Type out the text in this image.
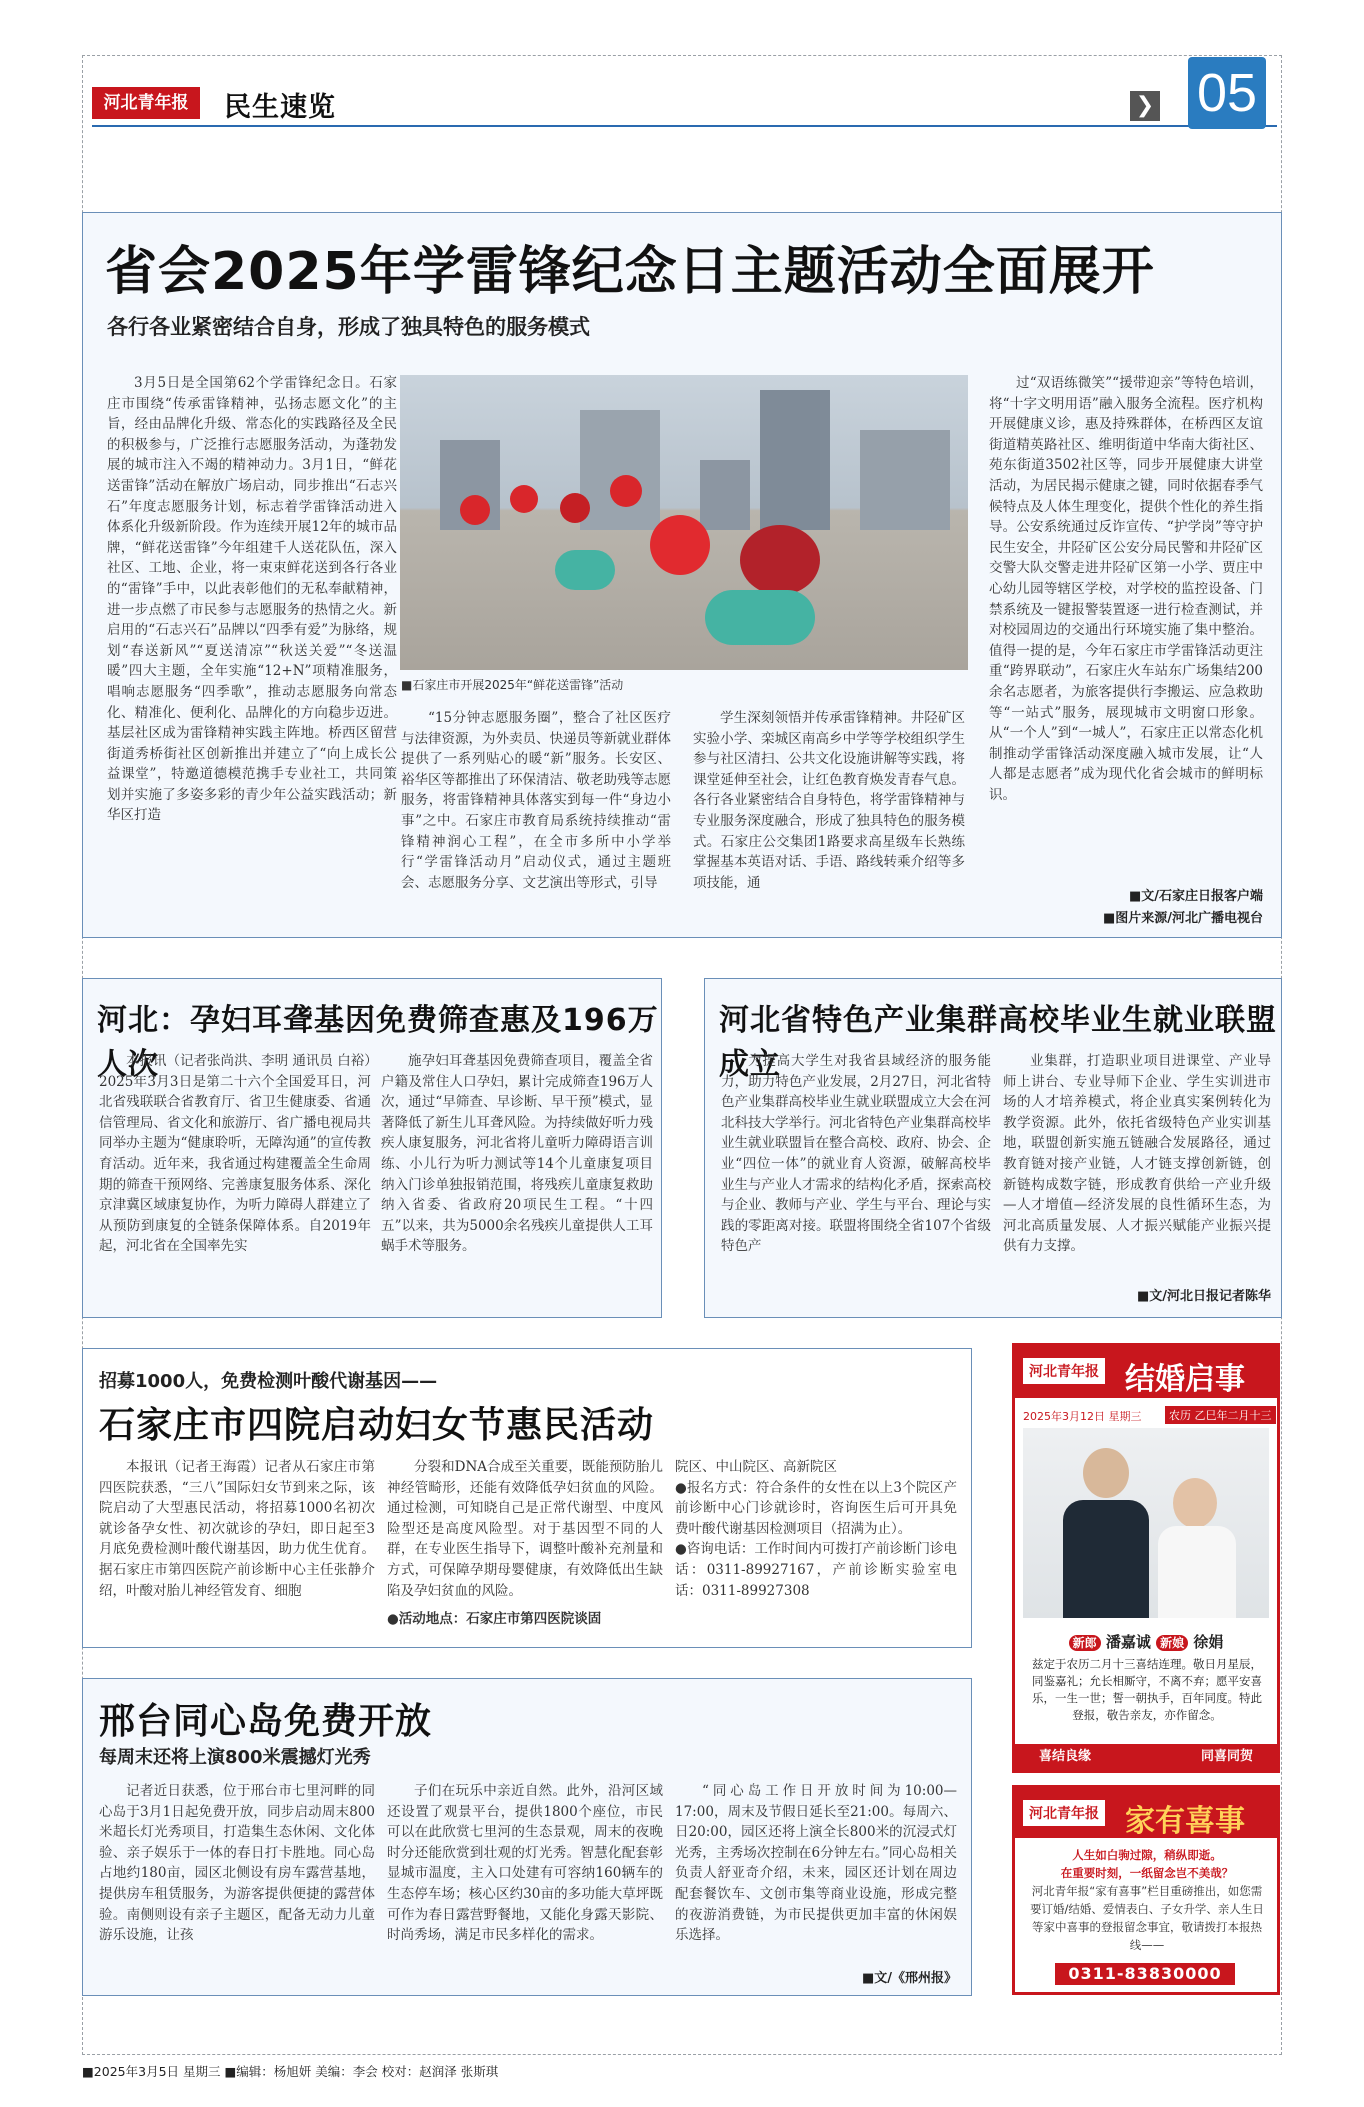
河北青年报	民生速览	❯ 05
省会2025年学雷锋纪念日主题活动全面展开
各行各业紧密结合自身，形成了独具特色的服务模式

3月5日是全国第62个学雷锋纪念日。石家庄市围绕“传承雷锋精神，弘扬志愿文化”的主旨，经由品牌化升级、常态化的实践路径及全民的积极参与，广泛推行志愿服务活动，为蓬勃发展的城市注入不竭的精神动力。3月1日，“鲜花送雷锋”活动在解放广场启动，同步推出“石志兴石”年度志愿服务计划，标志着学雷锋活动进入体系化升级新阶段。作为连续开展12年的城市品牌，“鲜花送雷锋”今年组建千人送花队伍，深入社区、工地、企业，将一束束鲜花送到各行各业的“雷锋”手中，以此表彰他们的无私奉献精神，进一步点燃了市民参与志愿服务的热情之火。新启用的“石志兴石”品牌以“四季有爱”为脉络，规划“春送新风”“夏送清凉”“秋送关爱”“冬送温暖”四大主题，全年实施“12+N”项精准服务，唱响志愿服务“四季歌”，推动志愿服务向常态化、精准化、便利化、品牌化的方向稳步迈进。基层社区成为雷锋精神实践主阵地。桥西区留营街道秀桥街社区创新推出并建立了“向上成长公益课堂”，特邀道德模范携手专业社工，共同策划并实施了多姿多彩的青少年公益实践活动；新华区打造

“15分钟志愿服务圈”，整合了社区医疗与法律资源，为外卖员、快递员等新就业群体提供了一系列贴心的暖“新”服务。长安区、裕华区等都推出了环保清洁、敬老助残等志愿服务，将雷锋精神具体落实到每一件“身边小事”之中。石家庄市教育局系统持续推动“雷锋精神润心工程”，在全市多所中小学举行“学雷锋活动月”启动仪式，通过主题班会、志愿服务分享、文艺演出等形式，引导

学生深刻领悟并传承雷锋精神。井陉矿区实验小学、栾城区南高乡中学等学校组织学生参与社区清扫、公共文化设施讲解等实践，将课堂延伸至社会，让红色教育焕发青春气息。各行各业紧密结合自身特色，将学雷锋精神与专业服务深度融合，形成了独具特色的服务模式。石家庄公交集团1路要求高星级车长熟练掌握基本英语对话、手语、路线转乘介绍等多项技能，通

过“双语练微笑”“援带迎亲”等特色培训，将“十字文明用语”融入服务全流程。医疗机构开展健康义诊，惠及持殊群体，在桥西区友谊街道精英路社区、维明街道中华南大街社区、苑东街道3502社区等，同步开展健康大讲堂活动，为居民揭示健康之键，同时依据春季气候特点及人体生理变化，提供个性化的养生指导。公安系统通过反诈宣传、“护学岗”等守护民生安全，井陉矿区公安分局民警和井陉矿区交警大队交警走进井陉矿区第一小学、贾庄中心幼儿园等辖区学校，对学校的监控设备、门禁系统及一键报警装置逐一进行检查测试，并对校园周边的交通出行环境实施了集中整治。值得一提的是，今年石家庄市学雷锋活动更注重“跨界联动”，石家庄火车站东广场集结200余名志愿者，为旅客提供行李搬运、应急救助等“一站式”服务，展现城市文明窗口形象。从“一个人”到“一城人”，石家庄正以常态化机制推动学雷锋活动深度融入城市发展，让“人人都是志愿者”成为现代化省会城市的鲜明标识。

■文/石家庄日报客户端
■图片来源/河北广播电视台
■石家庄市开展2025年“鲜花送雷锋”活动
河北：孕妇耳聋基因免费筛查惠及196万人次

本报讯（记者张尚洪、李明 通讯员 白裕）2025年3月3日是第二十六个全国爱耳日，河北省残联联合省教育厅、省卫生健康委、省通信管理局、省文化和旅游厅、省广播电视局共同举办主题为“健康聆听，无障沟通”的宣传教育活动。近年来，我省通过构建覆盖全生命周期的筛查干预网络、完善康复服务体系、深化京津冀区域康复协作，为听力障碍人群建立了从预防到康复的全链条保障体系。自2019年起，河北省在全国率先实

施孕妇耳聋基因免费筛查项目，覆盖全省户籍及常住人口孕妇，累计完成筛查196万人次，通过“早筛查、早诊断、早干预”模式，显著降低了新生儿耳聋风险。为持续做好听力残疾人康复服务，河北省将儿童听力障碍语言训练、小儿行为听力测试等14个儿童康复项目纳入门诊单独报销范围，将残疾儿童康复救助纳入省委、省政府20项民生工程。“十四五”以来，共为5000余名残疾儿童提供人工耳蜗手术等服务。

河北省特色产业集群高校毕业生就业联盟成立

为提高大学生对我省县域经济的服务能力，助力特色产业发展，2月27日，河北省特色产业集群高校毕业生就业联盟成立大会在河北科技大学举行。河北省特色产业集群高校毕业生就业联盟旨在整合高校、政府、协会、企业“四位一体”的就业育人资源，破解高校毕业生与产业人才需求的结构化矛盾，探索高校与企业、教师与产业、学生与平台、理论与实践的零距离对接。联盟将围绕全省107个省级特色产

业集群，打造职业项目进课堂、产业导师上讲台、专业导师下企业、学生实训进市场的人才培养模式，将企业真实案例转化为教学资源。此外，依托省级特色产业实训基地，联盟创新实施五链融合发展路径，通过教育链对接产业链，人才链支撑创新链，创新链构成数字链，形成教育供给一产业升级—人才增值—经济发展的良性循环生态，为河北高质量发展、人才振兴赋能产业振兴提供有力支撑。

■文/河北日报记者陈华
招募1000人，免费检测叶酸代谢基因——
石家庄市四院启动妇女节惠民活动

本报讯（记者王海霞）记者从石家庄市第四医院获悉，“三八”国际妇女节到来之际，该院启动了大型惠民活动，将招募1000名初次就诊备孕女性、初次就诊的孕妇，即日起至3月底免费检测叶酸代谢基因，助力优生优育。据石家庄市第四医院产前诊断中心主任张静介绍，叶酸对胎儿神经管发育、细胞

分裂和DNA合成至关重要，既能预防胎儿神经管畸形，还能有效降低孕妇贫血的风险。通过检测，可知晓自己是正常代谢型、中度风险型还是高度风险型。对于基因型不同的人群，在专业医生指导下，调整叶酸补充剂量和方式，可保障孕期母婴健康，有效降低出生缺陷及孕妇贫血的风险。

●活动地点：石家庄市第四医院谈固
院区、中山院区、高新院区
●报名方式：符合条件的女性在以上3个院区产前诊断中心门诊就诊时，咨询医生后可开具免费叶酸代谢基因检测项目（招满为止）。
●咨询电话：工作时间内可拨打产前诊断门诊电话：0311-89927167，产前诊断实验室电话：0311-89927308
邢台同心岛免费开放
每周末还将上演800米震撼灯光秀

记者近日获悉，位于邢台市七里河畔的同心岛于3月1日起免费开放，同步启动周末800米超长灯光秀项目，打造集生态休闲、文化体验、亲子娱乐于一体的春日打卡胜地。同心岛占地约180亩，园区北侧设有房车露营基地，提供房车租赁服务，为游客提供便捷的露营体验。南侧则设有亲子主题区，配备无动力儿童游乐设施，让孩

子们在玩乐中亲近自然。此外，沿河区域还设置了观景平台，提供1800个座位，市民可以在此欣赏七里河的生态景观，周末的夜晚时分还能欣赏到壮观的灯光秀。智慧化配套彰显城市温度，主入口处建有可容纳160辆车的生态停车场；核心区约30亩的多功能大草坪既可作为春日露营野餐地，又能化身露天影院、时尚秀场，满足市民多样化的需求。

“同心岛工作日开放时间为10:00—17:00，周末及节假日延长至21:00。每周六、日20:00，园区还将上演全长800米的沉浸式灯光秀，主秀场次控制在6分钟左右。”同心岛相关负责人舒亚奇介绍，未来，园区还计划在周边配套餐饮车、文创市集等商业设施，形成完整的夜游消费链，为市民提供更加丰富的休闲娱乐选择。

■文/《邢州报》
河北青年报 结婚启事
2025年3月12日 星期三	农历 乙巳年二月十三
新郎 潘嘉诚 新娘 徐娟
兹定于农历二月十三喜结连理。敬日月星辰，同鉴嘉礼；允长相厮守，不离不弃；愿平安喜乐，一生一世；誓一朝执手，百年同度。特此登报，敬告亲友，亦作留念。
喜结良缘	同喜同贺
河北青年报 家有喜事
人生如白驹过隙，稍纵即逝。
在重要时刻，一纸留念岂不美哉？
河北青年报“家有喜事”栏目重磅推出，如您需要订婚/结婚、爱情表白、子女升学、亲人生日等家中喜事的登报留念事宜，敬请拨打本报热线——
0311-83830000
■2025年3月5日 星期三 ■编辑：杨旭妍 美编：李会 校对：赵润泽 张斯琪
